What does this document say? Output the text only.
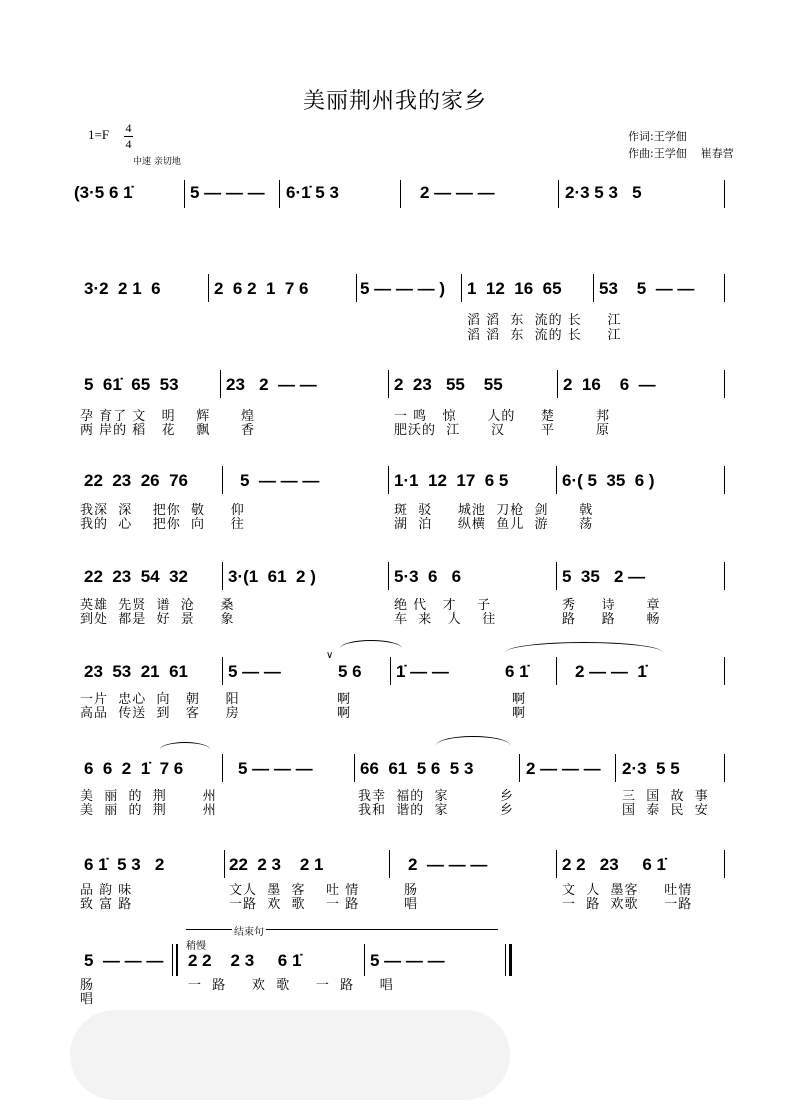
美丽荆州我的家乡
1=F 4
4
中速 亲切地
作词:王学佃
作曲:王学佃    崔春营
(3·5 6 1̇	5 — — — 6·1̇ 5 3	2 — — —	2·3 5 3   5
3·2  2 1  6	2  6 2  1  7 6	5 — — — ) 1  12  16  65 53    5  — —
滔 滔  东  流的 长     江
滔 滔  东  流的 长     江
5  61̇  65  53	23   2  — —	2  23   55    55	2  16    6  —
孕 育了 文   明    辉      煌
两 岸的 稻   花    飘      香
一 鸣   惊      人的     楚        邦
肥沃的  江      汉       平        原
22  23  26  76	5  — — —	1·1  12  17  6 5	6·( 5  35  6 )
我深  深    把你  敬     仰
我的  心    把你  向     往
斑  驳     城池  刀枪  剑      戟
湖  泊     纵横  鱼儿  游      荡
22  23  54  32 3·(1  61  2 )	5·3  6   6	5  35   2 —
英雄  先贤  谱  沧     桑
到处  都是  好  景     象
绝 代   才    子
车  来   人    往
秀     诗      章
路     路      畅
∨
23  53  21  61 5 — —	5 6 1̇ — —	6 1̇	2 — —  1̇
一片  忠心  向   朝     阳
高品  传送  到   客     房
啊
啊
啊
啊
6  6  2  1̇  7 6	5 — — —	66  61  5 6  5 3	2 — — — 2·3  5 5
美  丽  的  荆       州
美  丽  的  荆       州
我幸  福的  家          乡
我和  谐的  家          乡
三  国  故  事
国  泰  民  安
6 1̇  5 3   2	22  2 3    2 1	2  — — —	2 2   23     6 1̇
品 韵 味
致 富 路
文人  墨  客    吐 情
一路  欢  歌    一 路
肠
唱
文  人  墨客     吐情
一  路  欢歌     一路
结束句
稍慢
5  — — — 2 2    2 3     6 1̇	5 — — —
肠
唱
一  路     欢  歌     一  路     唱
